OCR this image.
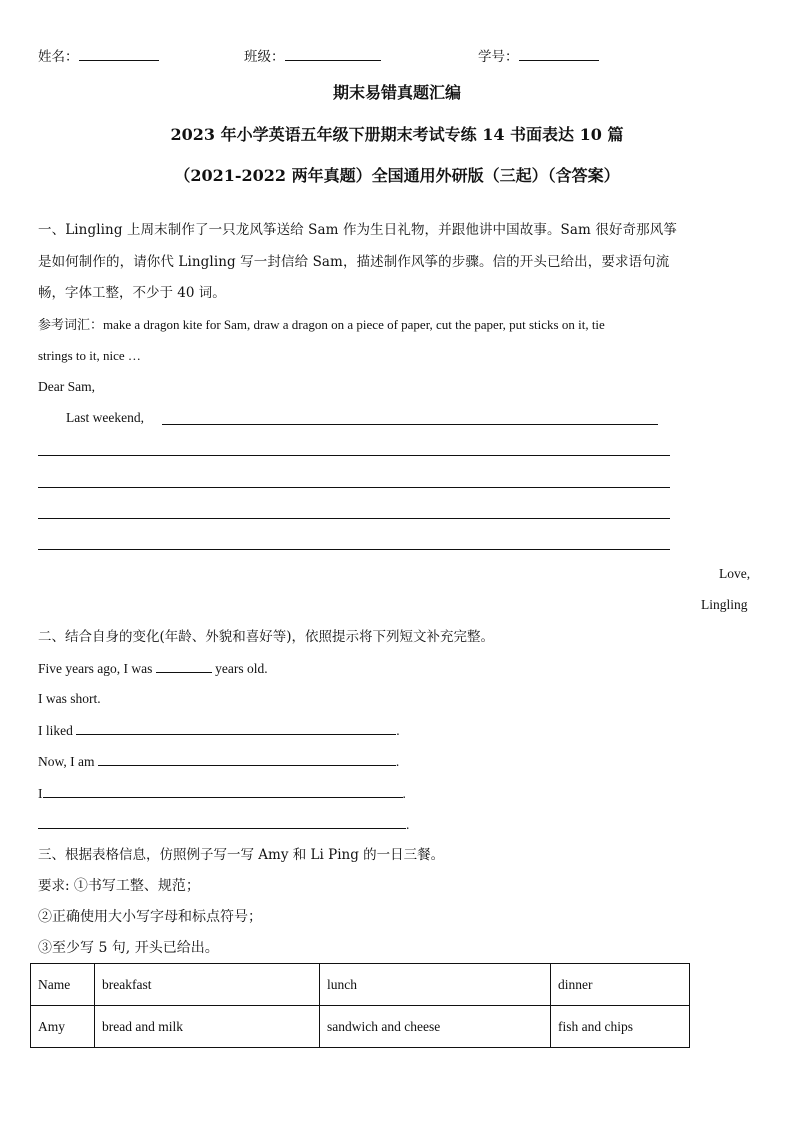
姓名：	班级：	学号：
期末易错真题汇编
2023 年小学英语五年级下册期末考试专练 14 书面表达 10 篇
（2021-2022 两年真题）全国通用外研版（三起）（含答案）
一、Lingling 上周末制作了一只龙风筝送给 Sam 作为生日礼物，并跟他讲中国故事。Sam 很好奇那风筝
是如何制作的，请你代 Lingling 写一封信给 Sam，描述制作风筝的步骤。信的开头已给出，要求语句流
畅，字体工整，不少于 40 词。
参考词汇：make a dragon kite for Sam, draw a dragon on a piece of paper, cut the paper, put sticks on it, tie
strings to it, nice …
Dear Sam,
Last weekend,
Love,
Lingling
二、结合自身的变化(年龄、外貌和喜好等)，依照提示将下列短文补充完整。
Five years ago, I was	years old.
I was short.
I liked	.
Now, I am	.
I	.
.
三、根据表格信息，仿照例子写一写 Amy 和 Li Ping 的一日三餐。
要求: ①书写工整、规范；
②正确使用大小写字母和标点符号；
③至少写 5 句, 开头已给出。
Name	breakfast	lunch	dinner
Amy	bread and milk	sandwich and cheese	fish and chips
